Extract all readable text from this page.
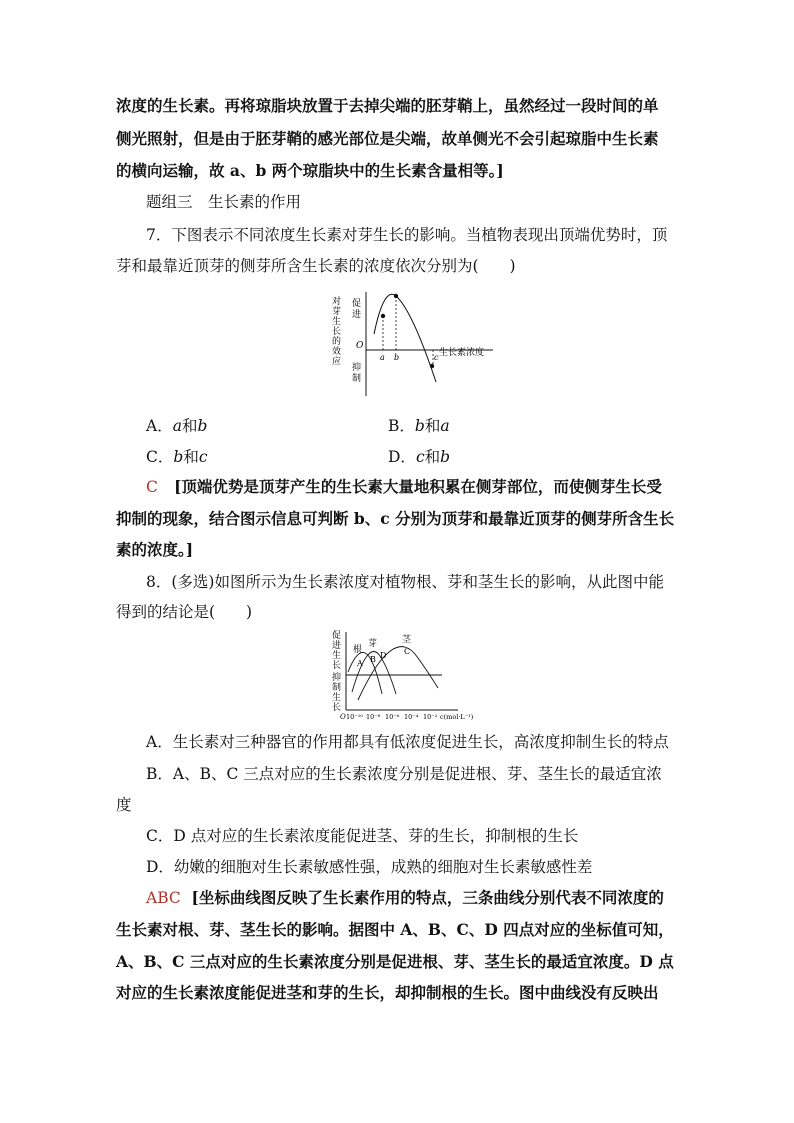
浓度的生长素。再将琼脂块放置于去掉尖端的胚芽鞘上，虽然经过一段时间的单
侧光照射，但是由于胚芽鞘的感光部位是尖端，故单侧光不会引起琼脂中生长素
的横向运输，故 a、b 两个琼脂块中的生长素含量相等。]
题组三　生长素的作用
7．下图表示不同浓度生长素对芽生长的影响。当植物表现出顶端优势时，顶
芽和最靠近顶芽的侧芽所含生长素的浓度依次分别为(　　)
对芽生长的效应
促进
抑制
O
生长素浓度
a b	c
A．a和b	B．b和a
C．b和c	D．c和b
C [顶端优势是顶芽产生的生长素大量地积累在侧芽部位，而使侧芽生长受
抑制的现象，结合图示信息可判断 b、c 分别为顶芽和最靠近顶芽的侧芽所含生长
素的浓度。]
8．(多选)如图所示为生长素浓度对植物根、芽和茎生长的影响，从此图中能
得到的结论是(　　)
促进生长
抑制生长
O
根
芽	茎
A B D C
10⁻¹⁰ 10⁻⁸ 10⁻⁶ 10⁻⁴ 10⁻² c(mol·L⁻¹)
A．生长素对三种器官的作用都具有低浓度促进生长，高浓度抑制生长的特点
B．A、B、C 三点对应的生长素浓度分别是促进根、芽、茎生长的最适宜浓
度
C．D 点对应的生长素浓度能促进茎、芽的生长，抑制根的生长
D．幼嫩的细胞对生长素敏感性强，成熟的细胞对生长素敏感性差
ABC [坐标曲线图反映了生长素作用的特点，三条曲线分别代表不同浓度的
生长素对根、芽、茎生长的影响。据图中 A、B、C、D 四点对应的坐标值可知，
A、B、C 三点对应的生长素浓度分别是促进根、芽、茎生长的最适宜浓度。D 点
对应的生长素浓度能促进茎和芽的生长，却抑制根的生长。图中曲线没有反映出
